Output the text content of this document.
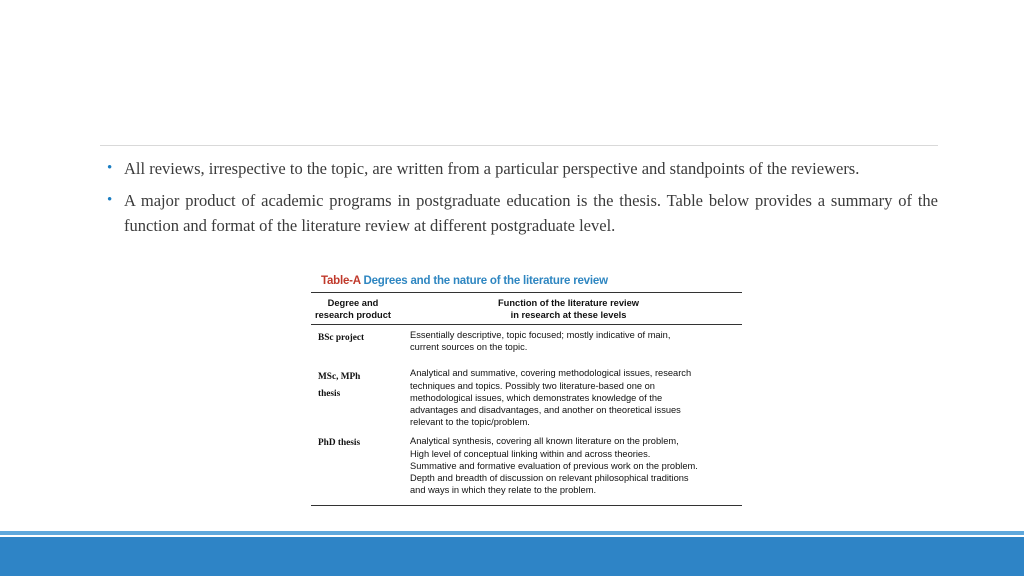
• All reviews, irrespective to the topic, are written from a particular perspective and standpoints of the reviewers.
• A major product of academic programs in postgraduate education is the thesis. Table below provides a summary of the function and format of the literature review at different postgraduate level.
Table-A Degrees and the nature of the literature review
Degree and
research product
Function of the literature review
in research at these levels
BSc project	Essentially descriptive, topic focused; mostly indicative of main,
current sources on the topic.
MSc, MPh
thesis
Analytical and summative, covering methodological issues, research
techniques and topics. Possibly two literature-based one on
methodological issues, which demonstrates knowledge of the
advantages and disadvantages, and another on theoretical issues
relevant to the topic/problem.
PhD thesis	Analytical synthesis, covering all known literature on the problem,
High level of conceptual linking within and across theories.
Summative and formative evaluation of previous work on the problem.
Depth and breadth of discussion on relevant philosophical traditions
and ways in which they relate to the problem.
